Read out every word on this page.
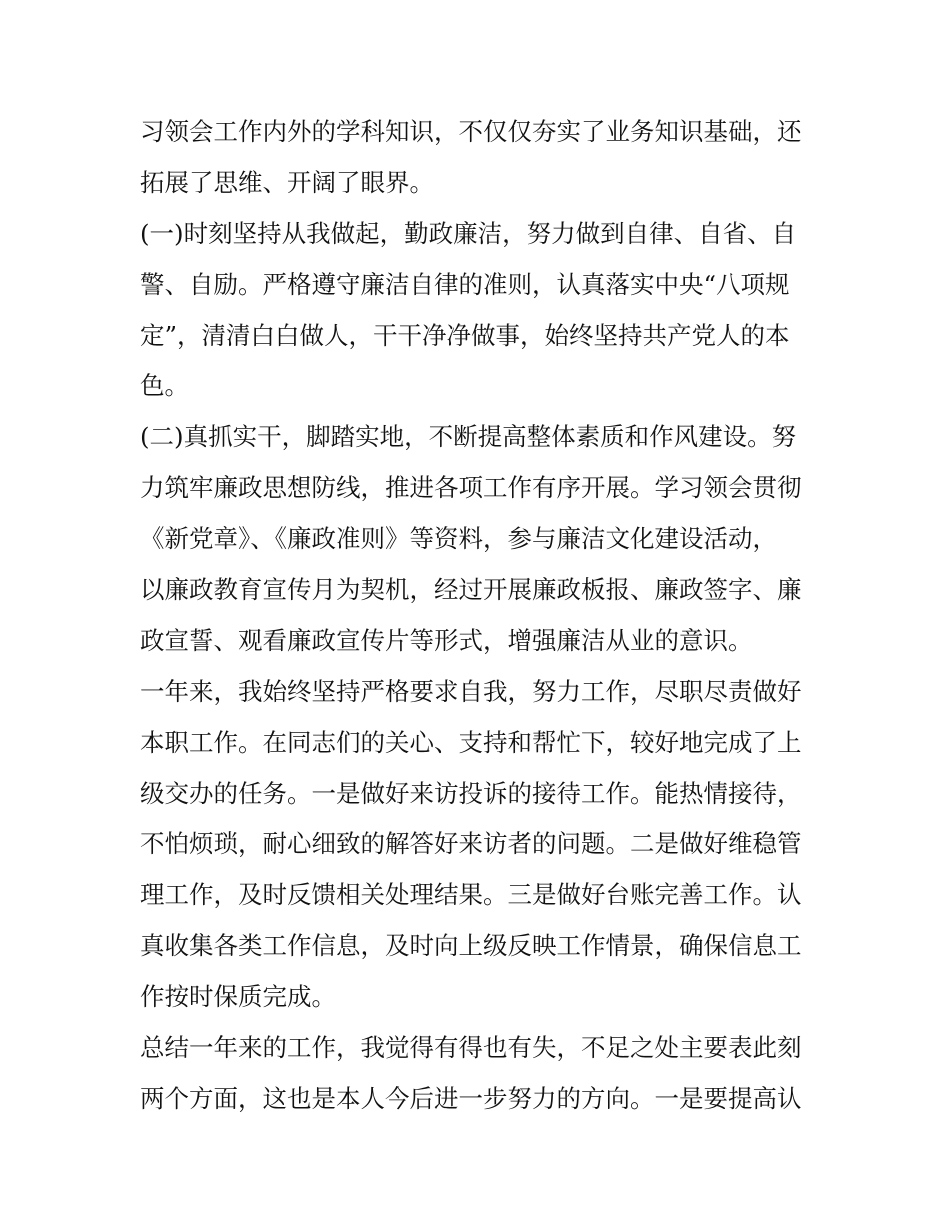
习领会工作内外的学科知识，不仅仅夯实了业务知识基础，还
拓展了思维、开阔了眼界。
(一)时刻坚持从我做起，勤政廉洁，努力做到自律、自省、自
警、自励。严格遵守廉洁自律的准则，认真落实中央“八项规
定”，清清白白做人，干干净净做事，始终坚持共产党人的本
色。
(二)真抓实干，脚踏实地，不断提高整体素质和作风建设。努
力筑牢廉政思想防线，推进各项工作有序开展。学习领会贯彻
《新党章》、《廉政准则》等资料，参与廉洁文化建设活动，
以廉政教育宣传月为契机，经过开展廉政板报、廉政签字、廉
政宣誓、观看廉政宣传片等形式，增强廉洁从业的意识。
一年来，我始终坚持严格要求自我，努力工作，尽职尽责做好
本职工作。在同志们的关心、支持和帮忙下，较好地完成了上
级交办的任务。一是做好来访投诉的接待工作。能热情接待，
不怕烦琐，耐心细致的解答好来访者的问题。二是做好维稳管
理工作，及时反馈相关处理结果。三是做好台账完善工作。认
真收集各类工作信息，及时向上级反映工作情景，确保信息工
作按时保质完成。
总结一年来的工作，我觉得有得也有失，不足之处主要表此刻
两个方面，这也是本人今后进一步努力的方向。一是要提高认
